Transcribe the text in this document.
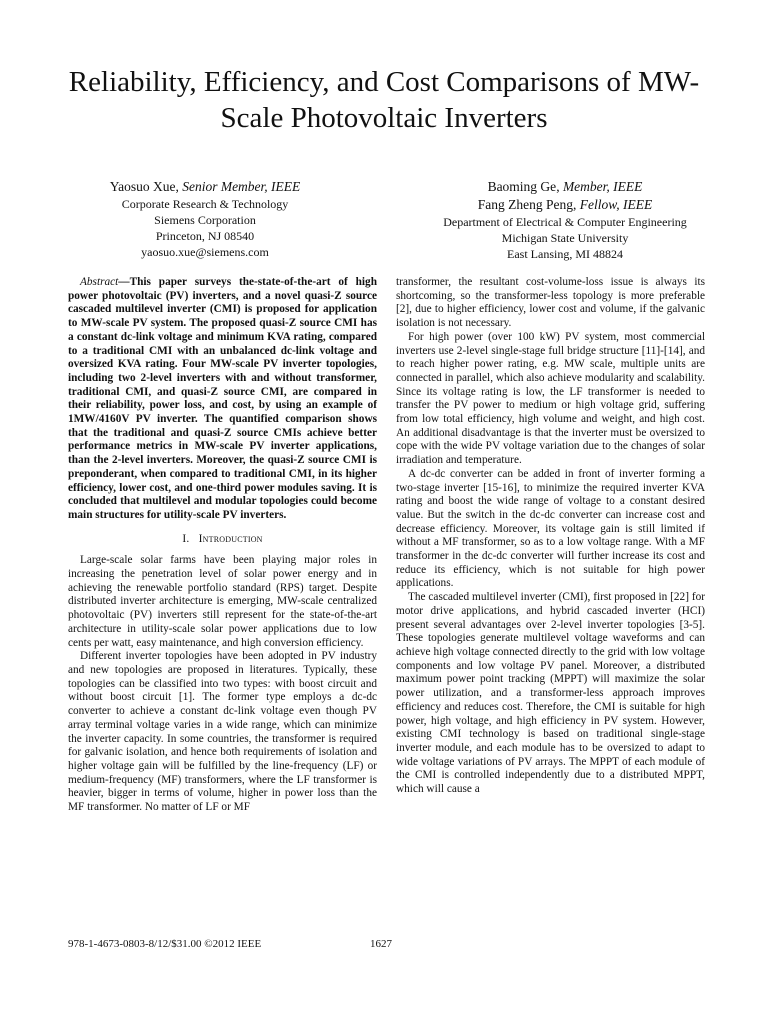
Reliability, Efficiency, and Cost Comparisons of MW-Scale Photovoltaic Inverters
Yaosuo Xue, Senior Member, IEEE
Corporate Research & Technology
Siemens Corporation
Princeton, NJ 08540
yaosuo.xue@siemens.com
Baoming Ge, Member, IEEE
Fang Zheng Peng, Fellow, IEEE
Department of Electrical & Computer Engineering
Michigan State University
East Lansing, MI 48824

Abstract—This paper surveys the-state-of-the-art of high power photovoltaic (PV) inverters, and a novel quasi-Z source cascaded multilevel inverter (CMI) is proposed for application to MW-scale PV system. The proposed quasi-Z source CMI has a constant dc-link voltage and minimum KVA rating, compared to a traditional CMI with an unbalanced dc-link voltage and oversized KVA rating. Four MW-scale PV inverter topologies, including two 2-level inverters with and without transformer, traditional CMI, and quasi-Z source CMI, are compared in their reliability, power loss, and cost, by using an example of 1MW/4160V PV inverter. The quantified comparison shows that the traditional and quasi-Z source CMIs achieve better performance metrics in MW-scale PV inverter applications, than the 2-level inverters. Moreover, the quasi-Z source CMI is preponderant, when compared to traditional CMI, in its higher efficiency, lower cost, and one-third power modules saving. It is concluded that multilevel and modular topologies could become main structures for utility-scale PV inverters.

I. Introduction

Large-scale solar farms have been playing major roles in increasing the penetration level of solar power energy and in achieving the renewable portfolio standard (RPS) target. Despite distributed inverter architecture is emerging, MW-scale centralized photovoltaic (PV) inverters still represent for the state-of-the-art architecture in utility-scale solar power applications due to low cents per watt, easy maintenance, and high conversion efficiency.

Different inverter topologies have been adopted in PV industry and new topologies are proposed in literatures. Typically, these topologies can be classified into two types: with boost circuit and without boost circuit [1]. The former type employs a dc-dc converter to achieve a constant dc-link voltage even though PV array terminal voltage varies in a wide range, which can minimize the inverter capacity. In some countries, the transformer is required for galvanic isolation, and hence both requirements of isolation and higher voltage gain will be fulfilled by the line-frequency (LF) or medium-frequency (MF) transformers, where the LF transformer is heavier, bigger in terms of volume, higher in power loss than the MF transformer. No matter of LF or MF

transformer, the resultant cost-volume-loss issue is always its shortcoming, so the transformer-less topology is more preferable [2], due to higher efficiency, lower cost and volume, if the galvanic isolation is not necessary.

For high power (over 100 kW) PV system, most commercial inverters use 2-level single-stage full bridge structure [11]-[14], and to reach higher power rating, e.g. MW scale, multiple units are connected in parallel, which also achieve modularity and scalability. Since its voltage rating is low, the LF transformer is needed to transfer the PV power to medium or high voltage grid, suffering from low total efficiency, high volume and weight, and high cost. An additional disadvantage is that the inverter must be oversized to cope with the wide PV voltage variation due to the changes of solar irradiation and temperature.

A dc-dc converter can be added in front of inverter forming a two-stage inverter [15-16], to minimize the required inverter KVA rating and boost the wide range of voltage to a constant desired value. But the switch in the dc-dc converter can increase cost and decrease efficiency. Moreover, its voltage gain is still limited if without a MF transformer, so as to a low voltage range. With a MF transformer in the dc-dc converter will further increase its cost and reduce its efficiency, which is not suitable for high power applications.

The cascaded multilevel inverter (CMI), first proposed in [22] for motor drive applications, and hybrid cascaded inverter (HCI) present several advantages over 2-level inverter topologies [3-5]. These topologies generate multilevel voltage waveforms and can achieve high voltage connected directly to the grid with low voltage components and low voltage PV panel. Moreover, a distributed maximum power point tracking (MPPT) will maximize the solar power utilization, and a transformer-less approach improves efficiency and reduces cost. Therefore, the CMI is suitable for high power, high voltage, and high efficiency in PV system. However, existing CMI technology is based on traditional single-stage inverter module, and each module has to be oversized to adapt to wide voltage variations of PV arrays. The MPPT of each module of the CMI is controlled independently due to a distributed MPPT, which will cause a

978-1-4673-0803-8/12/$31.00 ©2012 IEEE	1627
